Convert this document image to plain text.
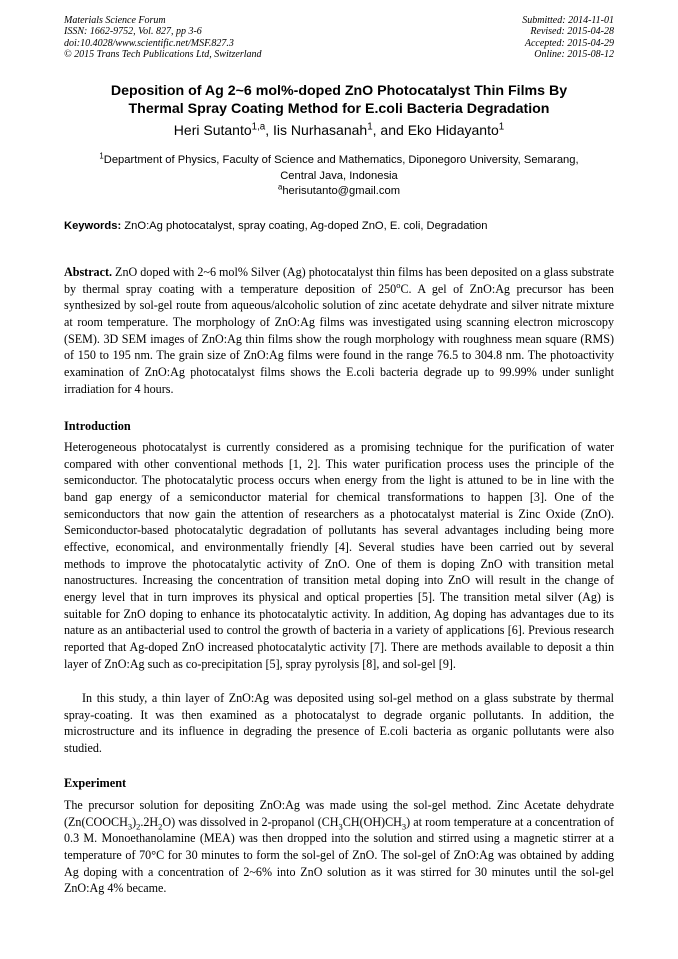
Materials Science Forum
ISSN: 1662-9752, Vol. 827, pp 3-6
doi:10.4028/www.scientific.net/MSF.827.3
© 2015 Trans Tech Publications Ltd, Switzerland
Submitted: 2014-11-01
Revised: 2015-04-28
Accepted: 2015-04-29
Online: 2015-08-12
Deposition of Ag 2~6 mol%-doped ZnO Photocatalyst Thin Films By
Thermal Spray Coating Method for E.coli Bacteria Degradation
Heri Sutanto$^{1,a}$, Iis Nurhasanah$^1$, and Eko Hidayanto$^1$
$^1$Department of Physics, Faculty of Science and Mathematics, Diponegoro University, Semarang,
Central Java, Indonesia
$^a$herisutanto@gmail.com
Keywords: ZnO:Ag photocatalyst, spray coating, Ag-doped ZnO, E. coli, Degradation
Abstract. ZnO doped with 2~6 mol% Silver (Ag) photocatalyst thin films has been deposited on a glass substrate by thermal spray coating with a temperature deposition of 250$^o$C. A gel of ZnO:Ag precursor has been synthesized by sol-gel route from aqueous/alcoholic solution of zinc acetate dehydrate and silver nitrate mixture at room temperature. The morphology of ZnO:Ag films was investigated using scanning electron microscopy (SEM). 3D SEM images of ZnO:Ag thin films show the rough morphology with roughness mean square (RMS) of 150 to 195 nm. The grain size of ZnO:Ag films were found in the range 76.5 to 304.8 nm. The photoactivity examination of ZnO:Ag photocatalyst films shows the E.coli bacteria degrade up to 99.99% under sunlight irradiation for 4 hours.
Introduction
Heterogeneous photocatalyst is currently considered as a promising technique for the purification of water compared with other conventional methods [1, 2]. This water purification process uses the principle of the semiconductor. The photocatalytic process occurs when energy from the light is attuned to be in line with the band gap energy of a semiconductor material for chemical transformations to happen [3]. One of the semiconductors that now gain the attention of researchers as a photocatalyst material is Zinc Oxide (ZnO). Semiconductor-based photocatalytic degradation of pollutants has several advantages including being more effective, economical, and environmentally friendly [4]. Several studies have been carried out by several methods to improve the photocatalytic activity of ZnO. One of them is doping ZnO with transition metal nanostructures. Increasing the concentration of transition metal doping into ZnO will result in the change of energy level that in turn improves its physical and optical properties [5]. The transition metal silver (Ag) is suitable for ZnO doping to enhance its photocatalytic activity. In addition, Ag doping has advantages due to its nature as an antibacterial used to control the growth of bacteria in a variety of applications [6]. Previous research reported that Ag-doped ZnO increased photocatalytic activity [7]. There are methods available to deposit a thin layer of ZnO:Ag such as co-precipitation [5], spray pyrolysis [8], and sol-gel [9].
In this study, a thin layer of ZnO:Ag was deposited using sol-gel method on a glass substrate by thermal spray-coating. It was then examined as a photocatalyst to degrade organic pollutants. In addition, the microstructure and its influence in degrading the presence of E.coli bacteria as organic pollutants were also studied.
Experiment
The precursor solution for depositing ZnO:Ag was made using the sol-gel method. Zinc Acetate dehydrate $(Zn(COOCH_3)_2.2H_2O)$ was dissolved in 2-propanol $(CH_3CH(OH)CH_3)$ at room temperature at a concentration of 0.3 M. Monoethanolamine (MEA) was then dropped into the solution and stirred using a magnetic stirrer at a temperature of 70°C for 30 minutes to form the sol-gel of ZnO. The sol-gel of ZnO:Ag was obtained by adding Ag doping with a concentration of 2~6% into ZnO solution as it was stirred for 30 minutes until the sol-gel ZnO:Ag 4% became.
